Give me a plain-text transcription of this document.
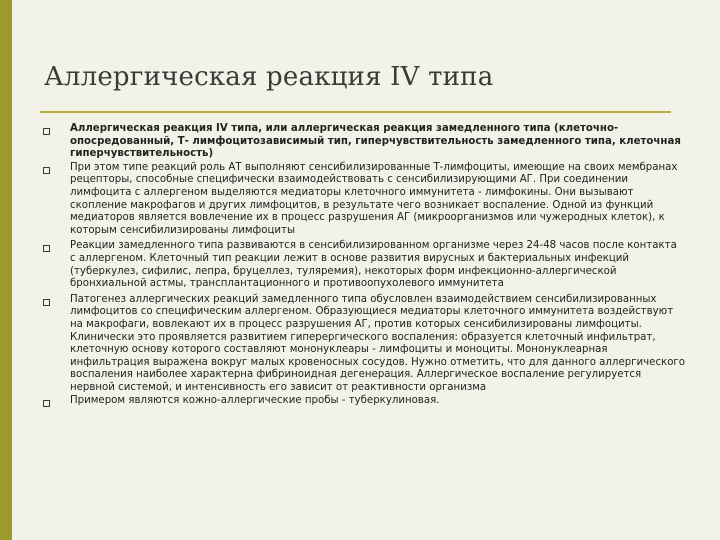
Аллергическая реакция IV типа
Аллергическая реакция IV типа, или аллергическая реакция замедленного типа (клеточно- опосредованный, Т- лимфоцитозависимый тип, гиперчувствительность замедленного типа, клеточная гиперчувствительность)
При этом типе реакций роль АТ выполняют сенсибилизированные Т-лимфоциты, имеющие на своих мембранах рецепторы, способные специфически взаимодействовать с сенсибилизирующими АГ. При соединении лимфоцита с аллергеном выделяются медиаторы клеточного иммунитета - лимфокины. Они вызывают скопление макрофагов и других лимфоцитов, в результате чего возникает воспаление. Одной из функций медиаторов является вовлечение их в процесс разрушения АГ (микроорганизмов или чужеродных клеток), к которым сенсибилизированы лимфоциты
Реакции замедленного типа развиваются в сенсибилизированном организме через 24-48 часов после контакта с аллергеном. Клеточный тип реакции лежит в основе развития вирусных и бактериальных инфекций (туберкулез, сифилис, лепра, бруцеллез, туляремия), некоторых форм инфекционно-аллергической бронхиальной астмы, трансплантационного и противоопухолевого иммунитета
Патогенез аллергических реакций замедленного типа обусловлен взаимодействием сенсибилизированных лимфоцитов со специфическим аллергеном. Образующиеся медиаторы клеточного иммунитета воздействуют на макрофаги, вовлекают их в процесс разрушения АГ, против которых сенсибилизированы лимфоциты. Клинически это проявляется развитием гиперергического воспаления: образуется клеточный инфильтрат, клеточную основу которого составляют мононуклеары - лимфоциты и моноциты. Мононуклеарная инфильтрация выражена вокруг малых кровеносных сосудов. Нужно отметить, что для данного аллергического воспаления наиболее характерна фибриноидная дегенерация. Аллергическое воспаление регулируется нервной системой, и интенсивность его зависит от реактивности организма
Примером являются кожно-аллергические пробы - туберкулиновая.
